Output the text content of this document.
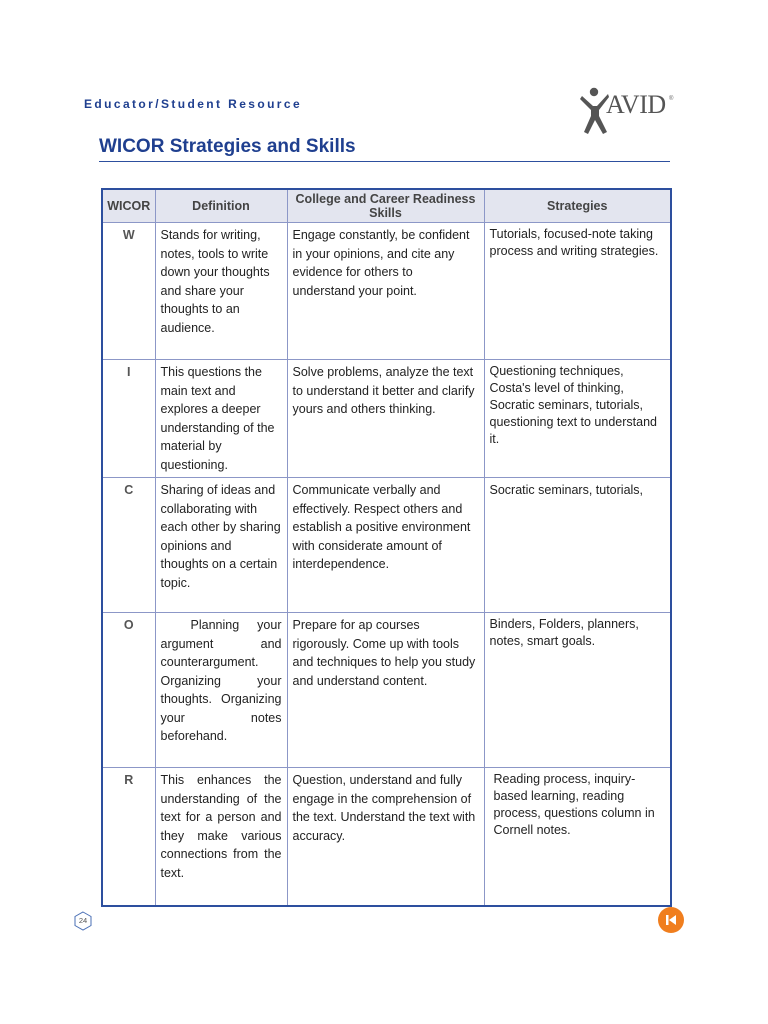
Educator/Student Resource	AVID ®
WICOR Strategies and Skills
WICOR	Definition	College and Career Readiness Skills	Strategies
W	Stands for writing, notes, tools to write down your thoughts and share your thoughts to an audience.	Engage constantly, be confident in your opinions, and cite any evidence for others to understand your point.	Tutorials, focused-note taking process and writing strategies.
I	This questions the main text and explores a deeper understanding of the material by questioning.	Solve problems, analyze the text to understand it better and clarify yours and others thinking.	Questioning techniques, Costa's level of thinking, Socratic seminars, tutorials, questioning text to understand it.
C	Sharing of ideas and collaborating with each other by sharing opinions and thoughts on a certain topic.	Communicate verbally and effectively. Respect others and establish a positive environment with considerate amount of interdependence.	Socratic seminars, tutorials,
O	Planning your argument and counterargument. Organizing your thoughts. Organizing your notes beforehand.	Prepare for ap courses rigorously. Come up with tools and techniques to help you study and understand content.	Binders, Folders, planners, notes, smart goals.
R	This enhances the understanding of the text for a person and they make various connections from the text.	Question, understand and fully engage in the comprehension of the text. Understand the text with accuracy.	Reading process, inquiry-based learning, reading process, questions column in Cornell notes.
24
